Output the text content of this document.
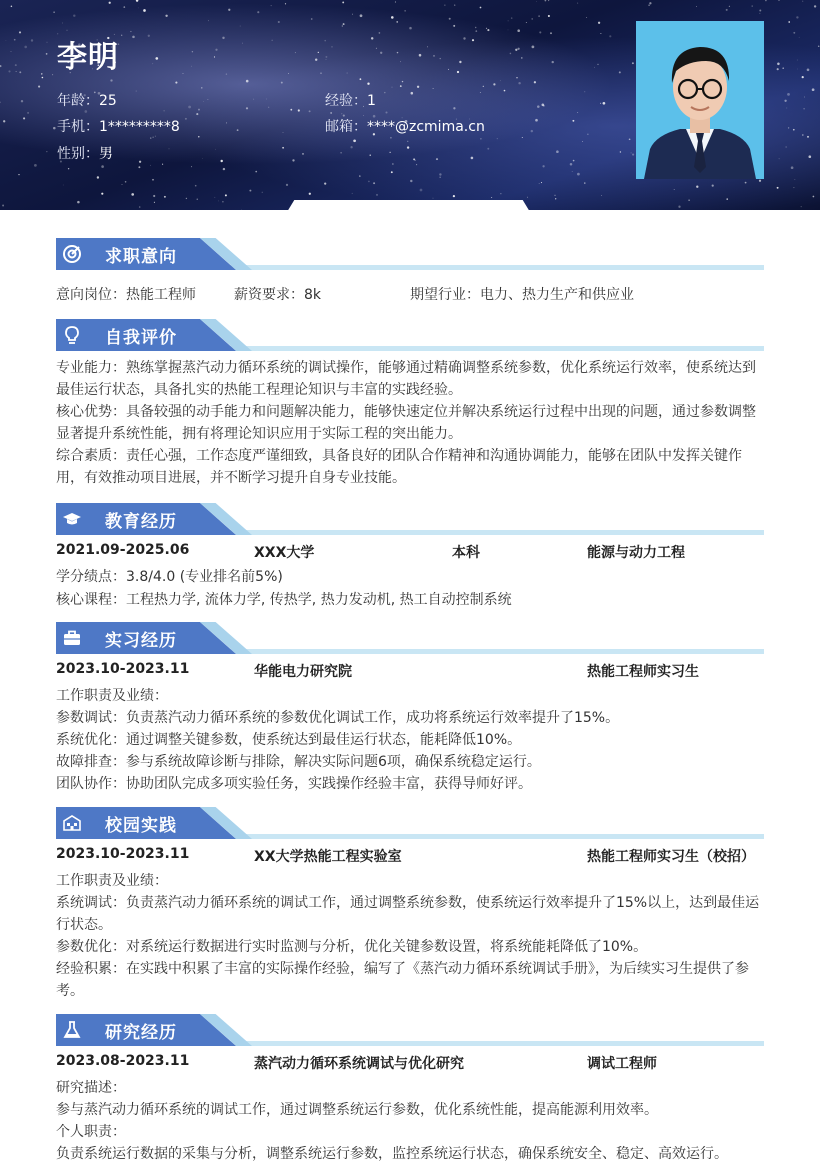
李明
年龄：25	经验：1
手机：1*********8	邮箱：****@zcmima.cn
性别：男
求职意向
意向岗位：热能工程师	薪资要求：8k	期望行业：电力、热力生产和供应业
自我评价
专业能力：熟练掌握蒸汽动力循环系统的调试操作，能够通过精确调整系统参数，优化系统运行效率，使系统达到最佳运行状态，具备扎实的热能工程理论知识与丰富的实践经验。
核心优势：具备较强的动手能力和问题解决能力，能够快速定位并解决系统运行过程中出现的问题，通过参数调整显著提升系统性能，拥有将理论知识应用于实际工程的突出能力。
综合素质：责任心强，工作态度严谨细致，具备良好的团队合作精神和沟通协调能力，能够在团队中发挥关键作用，有效推动项目进展，并不断学习提升自身专业技能。
教育经历
2021.09-2025.06	XXX大学	本科	能源与动力工程
学分绩点：3.8/4.0 (专业排名前5%)
核心课程：工程热力学, 流体力学, 传热学, 热力发动机, 热工自动控制系统
实习经历
2023.10-2023.11	华能电力研究院	热能工程师实习生
工作职责及业绩：
参数调试：负责蒸汽动力循环系统的参数优化调试工作，成功将系统运行效率提升了15%。
系统优化：通过调整关键参数，使系统达到最佳运行状态，能耗降低10%。
故障排查：参与系统故障诊断与排除，解决实际问题6项，确保系统稳定运行。
团队协作：协助团队完成多项实验任务，实践操作经验丰富，获得导师好评。
校园实践
2023.10-2023.11	XX大学热能工程实验室	热能工程师实习生（校招）
工作职责及业绩：
系统调试：负责蒸汽动力循环系统的调试工作，通过调整系统参数，使系统运行效率提升了15%以上，达到最佳运行状态。
参数优化：对系统运行数据进行实时监测与分析，优化关键参数设置，将系统能耗降低了10%。
经验积累：在实践中积累了丰富的实际操作经验，编写了《蒸汽动力循环系统调试手册》，为后续实习生提供了参考。
研究经历
2023.08-2023.11	蒸汽动力循环系统调试与优化研究	调试工程师
研究描述：
参与蒸汽动力循环系统的调试工作，通过调整系统运行参数，优化系统性能，提高能源利用效率。
个人职责：
负责系统运行数据的采集与分析，调整系统运行参数，监控系统运行状态，确保系统安全、稳定、高效运行。
